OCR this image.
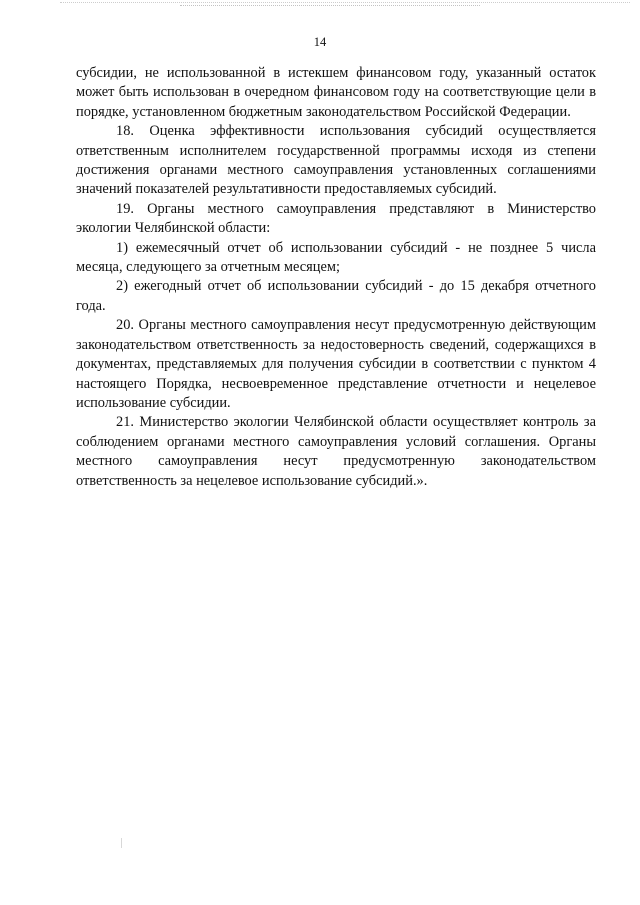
14

субсидии, не использованной в истекшем финансовом году, указанный остаток может быть использован в очередном финансовом году на соответствующие цели в порядке, установленном бюджетным законодательством Российской Федерации.

18. Оценка эффективности использования субсидий осуществляется ответственным исполнителем государственной программы исходя из степени достижения органами местного самоуправления установленных соглашениями значений показателей результативности предоставляемых субсидий.

19. Органы местного самоуправления представляют в Министерство экологии Челябинской области:

1) ежемесячный отчет об использовании субсидий - не позднее 5 числа месяца, следующего за отчетным месяцем;

2) ежегодный отчет об использовании субсидий - до 15 декабря отчетного года.

20. Органы местного самоуправления несут предусмотренную действующим законодательством ответственность за недостоверность сведений, содержащихся в документах, представляемых для получения субсидии в соответствии с пунктом 4 настоящего Порядка, несвоевременное представление отчетности и нецелевое использование субсидии.

21. Министерство экологии Челябинской области осуществляет контроль за соблюдением органами местного самоуправления условий соглашения. Органы местного самоуправления несут предусмотренную законодательством ответственность за нецелевое использование субсидий.».
